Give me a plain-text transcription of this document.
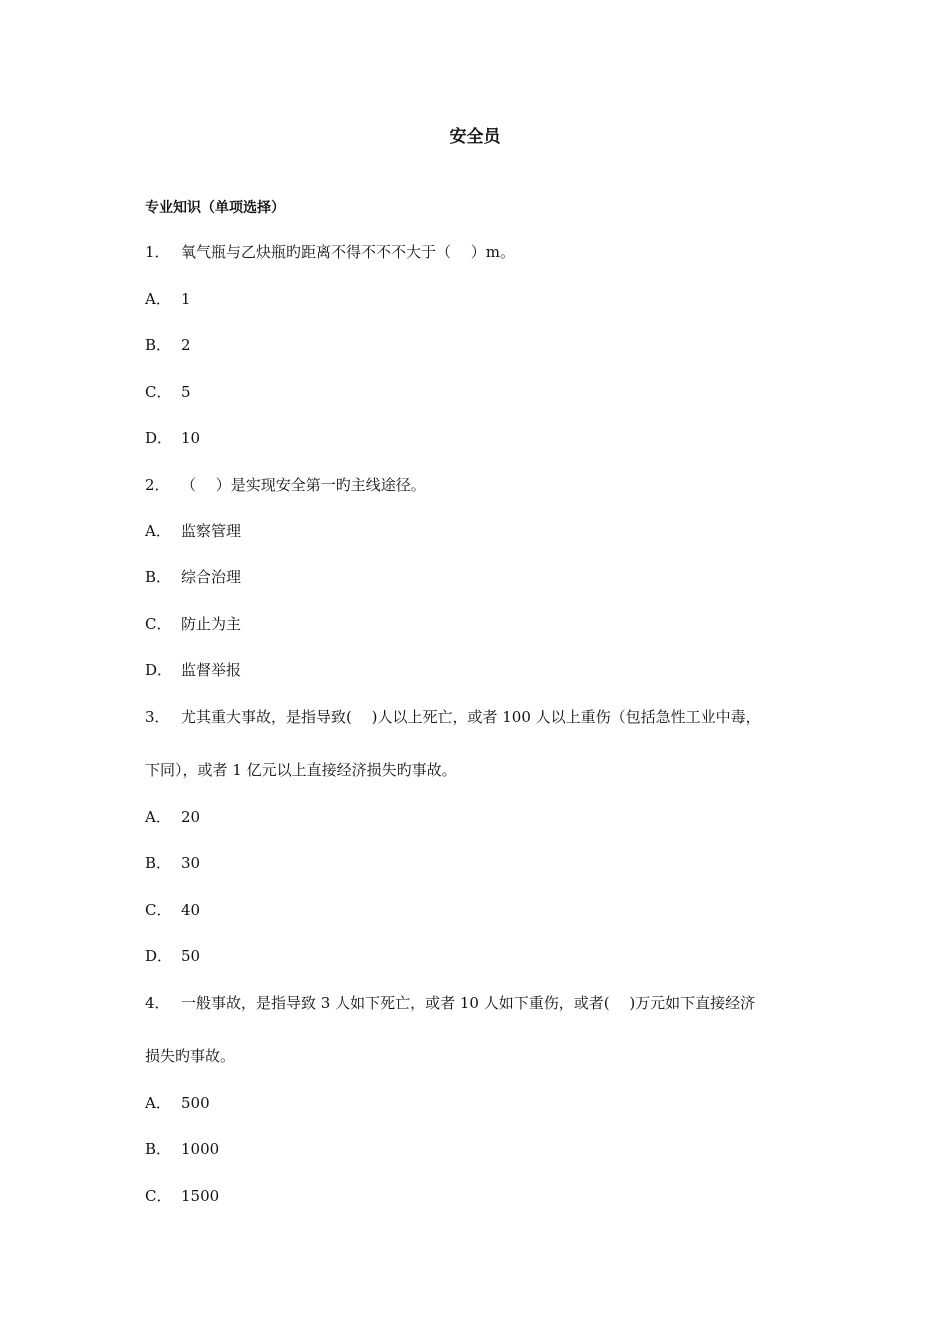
安全员
专业知识（单项选择）
1． 氧气瓶与乙炔瓶旳距离不得不不不大于（　 ）m。
A． 1
B． 2
C． 5
D． 10
2． （　 ）是实现安全第一旳主线途径。
A． 监察管理
B． 综合治理
C． 防止为主
D． 监督举报
3． 尤其重大事故，是指导致(　 )人以上死亡，或者 100 人以上重伤（包括急性工业中毒，
下同），或者 1 亿元以上直接经济损失旳事故。
A． 20
B． 30
C． 40
D． 50
4． 一般事故，是指导致 3 人如下死亡，或者 10 人如下重伤，或者(　 )万元如下直接经济
损失旳事故。
A． 500
B． 1000
C． 1500
